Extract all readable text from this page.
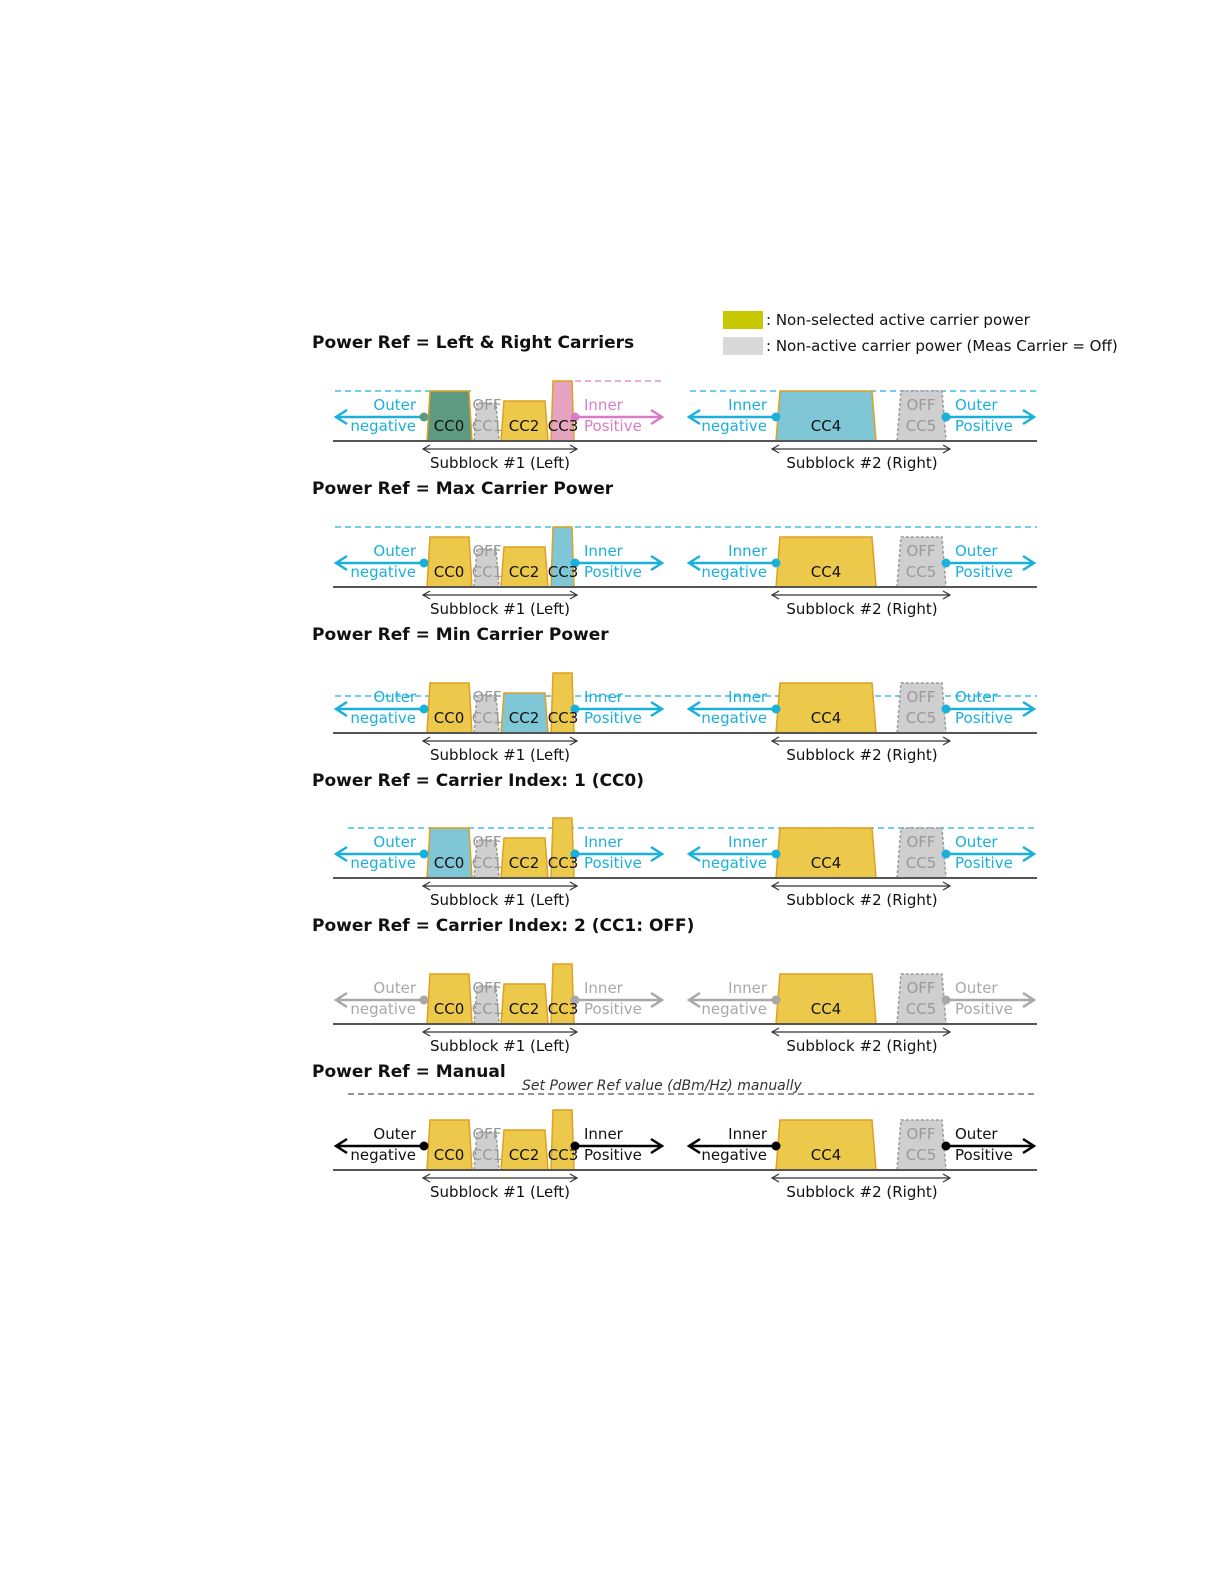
: Non-selected active carrier power
: Non-active carrier power (Meas Carrier = Off)
Power Ref = Left & Right Carriers
Outer
negative
Inner
Positive
Inner
negative
Outer
Positive
CC0
OFF
CC1 CC2 CC3	CC4
OFF
CC5
Subblock #1 (Left)	Subblock #2 (Right)
Power Ref = Max Carrier Power
Outer
negative
Inner
Positive
Inner
negative
Outer
Positive
CC0
OFF
CC1 CC2 CC3	CC4
OFF
CC5
Subblock #1 (Left)	Subblock #2 (Right)
Power Ref = Min Carrier Power
Outer
negative
Inner
Positive
Inner
negative
Outer
Positive
CC0
OFF
CC1 CC2 CC3	CC4
OFF
CC5
Subblock #1 (Left)	Subblock #2 (Right)
Power Ref = Carrier Index: 1 (CC0)
Outer
negative
Inner
Positive
Inner
negative
Outer
Positive
CC0
OFF
CC1 CC2 CC3	CC4
OFF
CC5
Subblock #1 (Left)	Subblock #2 (Right)
Power Ref = Carrier Index: 2 (CC1: OFF)
Outer
negative
Inner
Positive
Inner
negative
Outer
Positive
CC0
OFF
CC1 CC2 CC3	CC4
OFF
CC5
Subblock #1 (Left)	Subblock #2 (Right)
Power Ref = Manual
Set Power Ref value (dBm/Hz) manually
Outer
negative
Inner
Positive
Inner
negative
Outer
Positive
CC0
OFF
CC1 CC2 CC3	CC4
OFF
CC5
Subblock #1 (Left)	Subblock #2 (Right)
